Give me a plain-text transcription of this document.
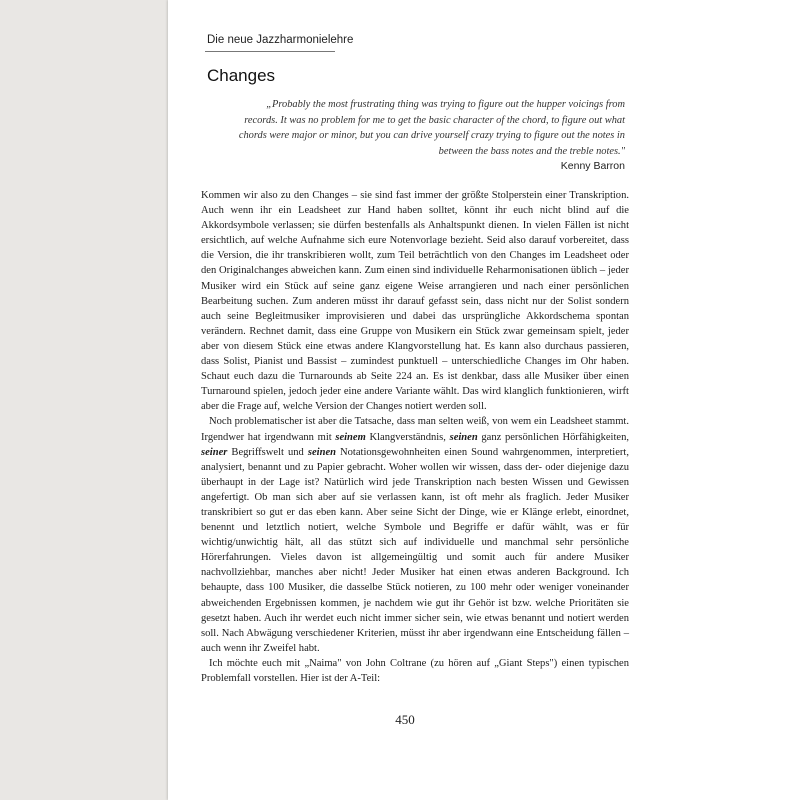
Die neue Jazzharmonielehre
Changes
„Probably the most frustrating thing was trying to figure out the hupper voicings from records. It was no problem for me to get the basic character of the chord, to figure out what chords were major or minor, but you can drive yourself crazy trying to figure out the notes in between the bass notes and the treble notes."
Kenny Barron

Kommen wir also zu den Changes – sie sind fast immer der größte Stolperstein einer Transkription. Auch wenn ihr ein Leadsheet zur Hand haben solltet, könnt ihr euch nicht blind auf die Akkordsymbole verlassen; sie dürfen bestenfalls als Anhaltspunkt dienen. In vielen Fällen ist nicht ersichtlich, auf welche Aufnahme sich eure Notenvorlage bezieht. Seid also darauf vorbereitet, dass die Version, die ihr transkribieren wollt, zum Teil beträchtlich von den Changes im Leadsheet oder den Originalchanges abweichen kann. Zum einen sind individuelle Reharmonisationen üblich – jeder Musiker wird ein Stück auf seine ganz eigene Weise arrangieren und nach einer persönlichen Bearbeitung suchen. Zum anderen müsst ihr darauf gefasst sein, dass nicht nur der Solist sondern auch seine Begleitmusiker improvisieren und dabei das ursprüngliche Akkordschema spontan verändern. Rechnet damit, dass eine Gruppe von Musikern ein Stück zwar gemeinsam spielt, jeder aber von diesem Stück eine etwas andere Klangvorstellung hat. Es kann also durchaus passieren, dass Solist, Pianist und Bassist – zumindest punktuell – unterschiedliche Changes im Ohr haben. Schaut euch dazu die Turnarounds ab Seite 224 an. Es ist denkbar, dass alle Musiker über einen Turnaround spielen, jedoch jeder eine andere Variante wählt. Das wird klanglich funktionieren, wirft aber die Frage auf, welche Version der Changes notiert werden soll.

Noch problematischer ist aber die Tatsache, dass man selten weiß, von wem ein Leadsheet stammt. Irgendwer hat irgendwann mit seinem Klangverständnis, seinen ganz persönlichen Hörfähigkeiten, seiner Begriffswelt und seinen Notationsgewohnheiten einen Sound wahrgenommen, interpretiert, analysiert, benannt und zu Papier gebracht. Woher wollen wir wissen, dass der- oder diejenige dazu überhaupt in der Lage ist? Natürlich wird jede Transkription nach besten Wissen und Gewissen angefertigt. Ob man sich aber auf sie verlassen kann, ist oft mehr als fraglich. Jeder Musiker transkribiert so gut er das eben kann. Aber seine Sicht der Dinge, wie er Klänge erlebt, einordnet, benennt und letztlich notiert, welche Symbole und Begriffe er dafür wählt, was er für wichtig/unwichtig hält, all das stützt sich auf individuelle und manchmal sehr persönliche Hörerfahrungen. Vieles davon ist allgemeingültig und somit auch für andere Musiker nachvollziehbar, manches aber nicht! Jeder Musiker hat einen etwas anderen Background. Ich behaupte, dass 100 Musiker, die dasselbe Stück notieren, zu 100 mehr oder weniger voneinander abweichenden Ergebnissen kommen, je nachdem wie gut ihr Gehör ist bzw. welche Prioritäten sie gesetzt haben. Auch ihr werdet euch nicht immer sicher sein, wie etwas benannt und notiert werden soll. Nach Abwägung verschiedener Kriterien, müsst ihr aber irgendwann eine Entscheidung fällen – auch wenn ihr Zweifel habt.

Ich möchte euch mit „Naima" von John Coltrane (zu hören auf „Giant Steps") einen typischen Problemfall vorstellen. Hier ist der A-Teil:

450
